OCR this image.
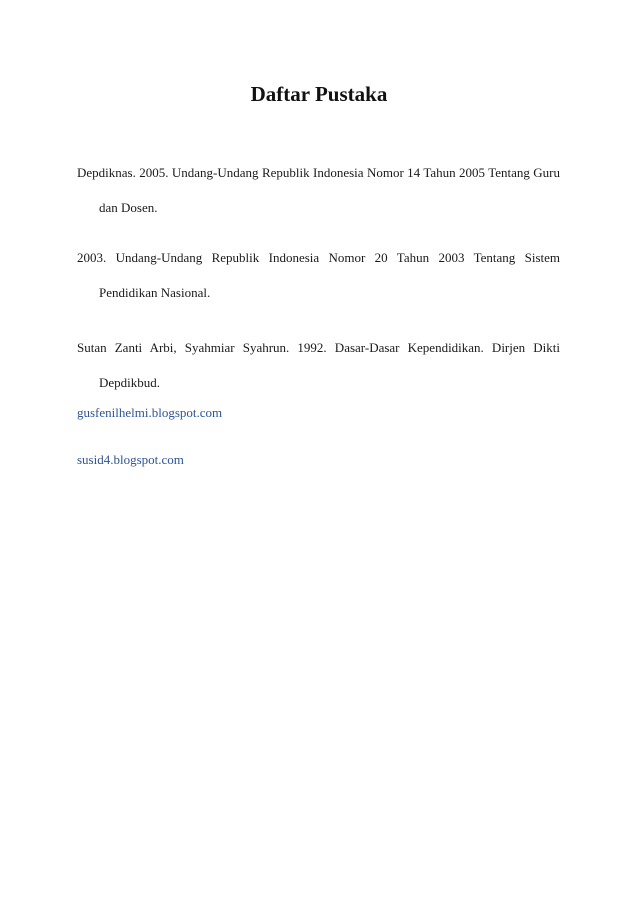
Daftar Pustaka
Depdiknas. 2005. Undang-Undang Republik Indonesia Nomor 14 Tahun 2005 Tentang Guru
dan Dosen.
2003. Undang-Undang Republik Indonesia Nomor 20 Tahun 2003 Tentang Sistem
Pendidikan Nasional.
Sutan Zanti Arbi, Syahmiar Syahrun. 1992. Dasar-Dasar Kependidikan. Dirjen Dikti
Depdikbud.
gusfenilhelmi.blogspot.com
susid4.blogspot.com
